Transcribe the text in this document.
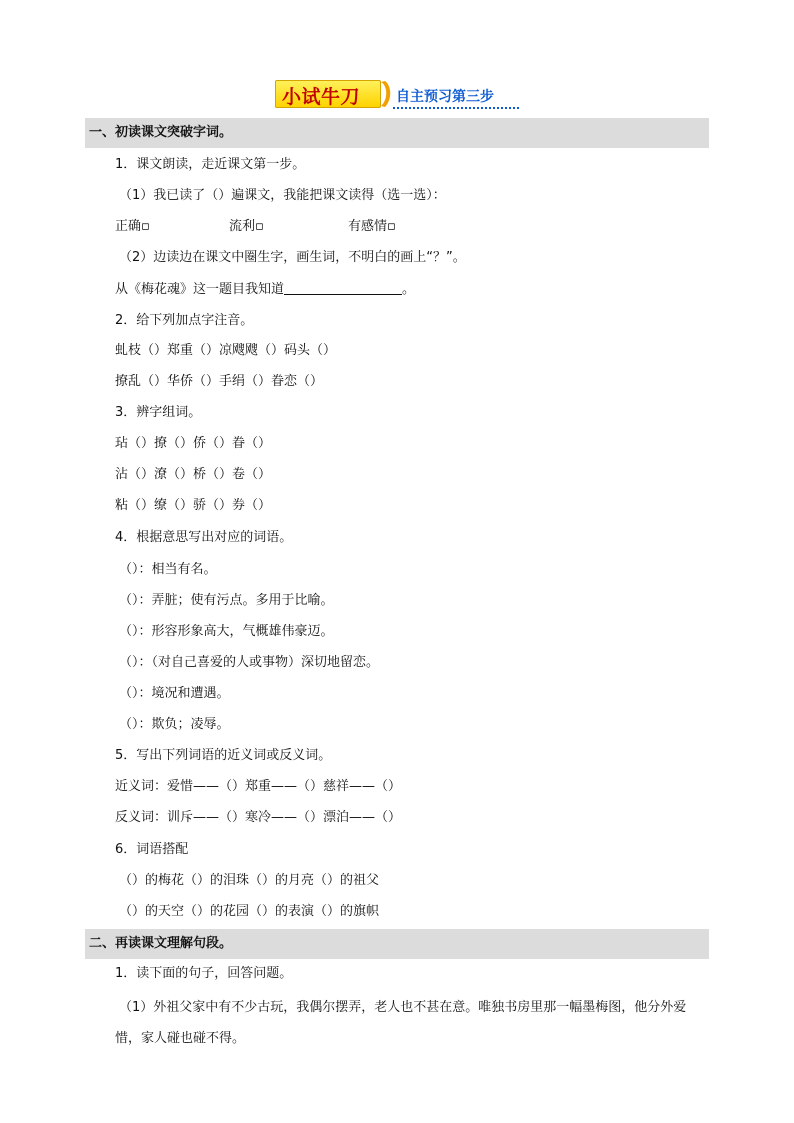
小试牛刀	自主预习第三步
一、初读课文突破字词。
1．课文朗读，走近课文第一步。
（1）我已读了（）遍课文，我能把课文读得（选一选）：
正确▫	流利▫	有感情▫
（2）边读边在课文中圈生字，画生词，不明白的画上“？”。
从《梅花魂》这一题目我知道	。
2．给下列加点字注音。
虬枝（）郑重（）凉飕飕（）码头（）
撩乱（）华侨（）手绢（）眷恋（）
3．辨字组词。
玷（）撩（）侨（）眷（）
沾（）潦（）桥（）卷（）
粘（）缭（）骄（）券（）
4．根据意思写出对应的词语。
（）：相当有名。
（）：弄脏；使有污点。多用于比喻。
（）：形容形象高大，气概雄伟豪迈。
（）：（对自己喜爱的人或事物）深切地留恋。
（）：境况和遭遇。
（）：欺负；凌辱。
5．写出下列词语的近义词或反义词。
近义词：爱惜——（）郑重——（）慈祥——（）
反义词：训斥——（）寒冷——（）漂泊——（）
6．词语搭配
（）的梅花（）的泪珠（）的月亮（）的祖父
（）的天空（）的花园（）的表演（）的旗帜
二、再读课文理解句段。
1．读下面的句子，回答问题。
（1）外祖父家中有不少古玩，我偶尔摆弄，老人也不甚在意。唯独书房里那一幅墨梅图，他分外爱惜，家人碰也碰不得。
